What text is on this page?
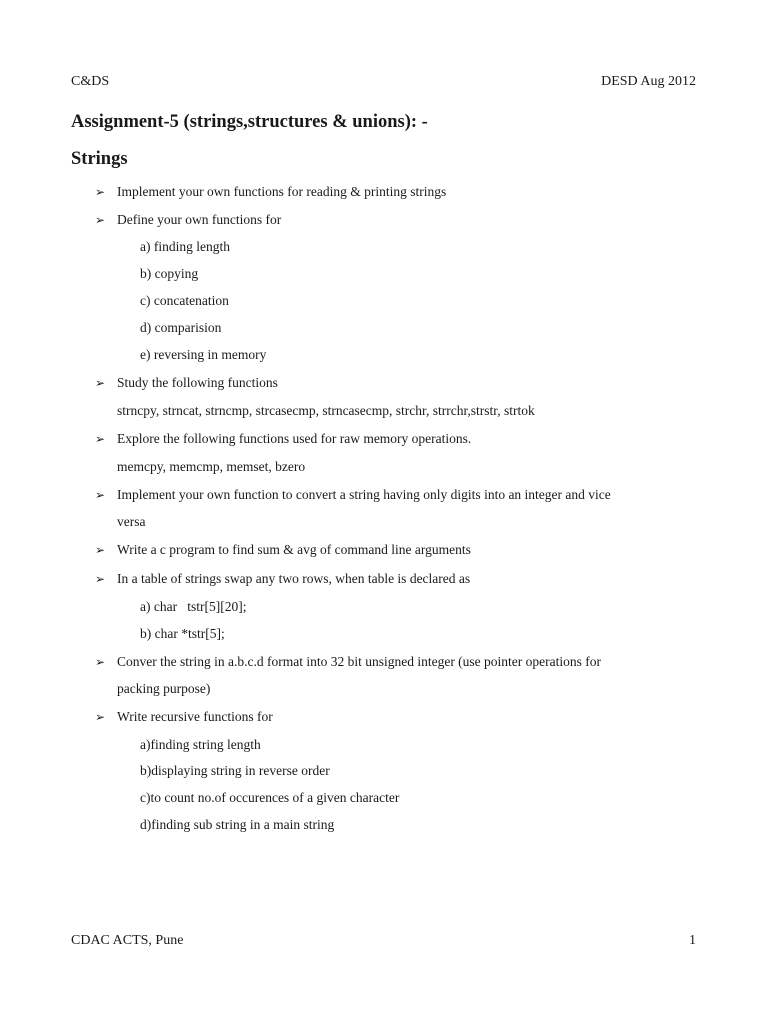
C&DS	DESD Aug 2012
Assignment-5 (strings,structures & unions): -
Strings
➢ Implement your own functions for reading & printing strings
➢ Define your own functions for
a) finding length
b) copying
c) concatenation
d) comparision
e) reversing in memory
➢ Study the following functions
strncpy, strncat, strncmp, strcasecmp, strncasecmp, strchr, strrchr,strstr, strtok
➢ Explore the following functions used for raw memory operations.
memcpy, memcmp, memset, bzero
➢ Implement your own function to convert a string having only digits into an integer and vice
versa
➢ Write a c program to find sum & avg of command line arguments
➢ In a table of strings swap any two rows, when table is declared as
a) char   tstr[5][20];
b) char *tstr[5];
➢ Conver the string in a.b.c.d format into 32 bit unsigned integer (use pointer operations for
packing purpose)
➢ Write recursive functions for
a)finding string length
b)displaying string in reverse order
c)to count no.of occurences of a given character
d)finding sub string in a main string
CDAC ACTS, Pune	1
